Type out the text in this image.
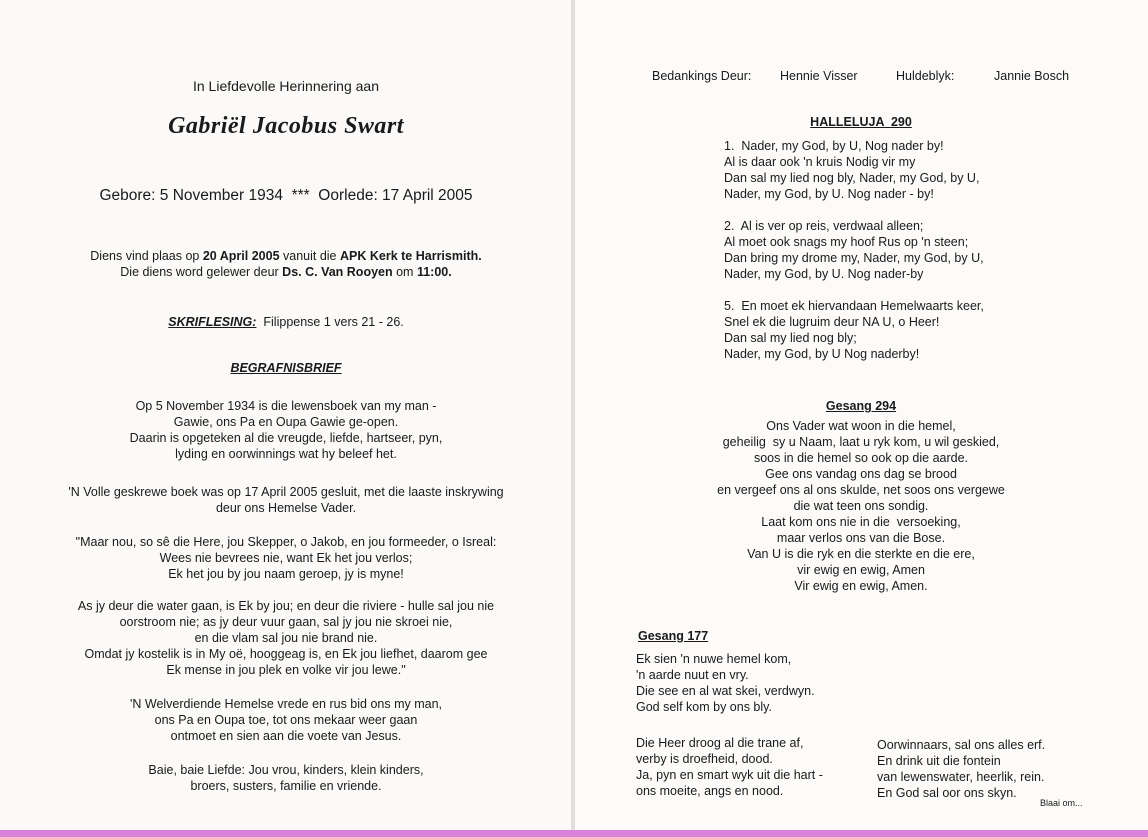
In Liefdevolle Herinnering aan
Gabriël Jacobus Swart
Gebore: 5 November 1934  ***  Oorlede: 17 April 2005
Diens vind plaas op 20 April 2005 vanuit die APK Kerk te Harrismith.
Die diens word gelewer deur Ds. C. Van Rooyen om 11:00.
SKRIFLESING:  Filippense 1 vers 21 - 26.
BEGRAFNISBRIEF
Op 5 November 1934 is die lewensboek van my man -
Gawie, ons Pa en Oupa Gawie ge-open.
Daarin is opgeteken al die vreugde, liefde, hartseer, pyn,
lyding en oorwinnings wat hy beleef het.
'N Volle geskrewe boek was op 17 April 2005 gesluit, met die laaste inskrywing
deur ons Hemelse Vader.
"Maar nou, so sê die Here, jou Skepper, o Jakob, en jou formeeder, o Isreal:
Wees nie bevrees nie, want Ek het jou verlos;
Ek het jou by jou naam geroep, jy is myne!
As jy deur die water gaan, is Ek by jou; en deur die riviere - hulle sal jou nie
oorstroom nie; as jy deur vuur gaan, sal jy jou nie skroei nie,
en die vlam sal jou nie brand nie.
Omdat jy kostelik is in My oë, hooggeag is, en Ek jou liefhet, daarom gee
Ek mense in jou plek en volke vir jou lewe."
'N Welverdiende Hemelse vrede en rus bid ons my man,
ons Pa en Oupa toe, tot ons mekaar weer gaan
ontmoet en sien aan die voete van Jesus.
Baie, baie Liefde: Jou vrou, kinders, klein kinders,
broers, susters, familie en vriende.
Bedankings Deur: Hennie Visser	Huldeblyk:	Jannie Bosch
HALLELUJA  290
1.  Nader, my God, by U, Nog nader by!
Al is daar ook 'n kruis Nodig vir my
Dan sal my lied nog bly, Nader, my God, by U,
Nader, my God, by U. Nog nader - by!
2.  Al is ver op reis, verdwaal alleen;
Al moet ook snags my hoof Rus op 'n steen;
Dan bring my drome my, Nader, my God, by U,
Nader, my God, by U. Nog nader-by
5.  En moet ek hiervandaan Hemelwaarts keer,
Snel ek die lugruim deur NA U, o Heer!
Dan sal my lied nog bly;
Nader, my God, by U Nog naderby!
Gesang 294
Ons Vader wat woon in die hemel,
geheilig  sy u Naam, laat u ryk kom, u wil geskied,
soos in die hemel so ook op die aarde.
Gee ons vandag ons dag se brood
en vergeef ons al ons skulde, net soos ons vergewe
die wat teen ons sondig.
Laat kom ons nie in die  versoeking,
maar verlos ons van die Bose.
Van U is die ryk en die sterkte en die ere,
vir ewig en ewig, Amen
Vir ewig en ewig, Amen.
Gesang 177
Ek sien 'n nuwe hemel kom,
'n aarde nuut en vry.
Die see en al wat skei, verdwyn.
God self kom by ons bly.
Die Heer droog al die trane af,
verby is droefheid, dood.
Ja, pyn en smart wyk uit die hart -
ons moeite, angs en nood.
Oorwinnaars, sal ons alles erf.
En drink uit die fontein
van lewenswater, heerlik, rein.
En God sal oor ons skyn.
Blaai om...
